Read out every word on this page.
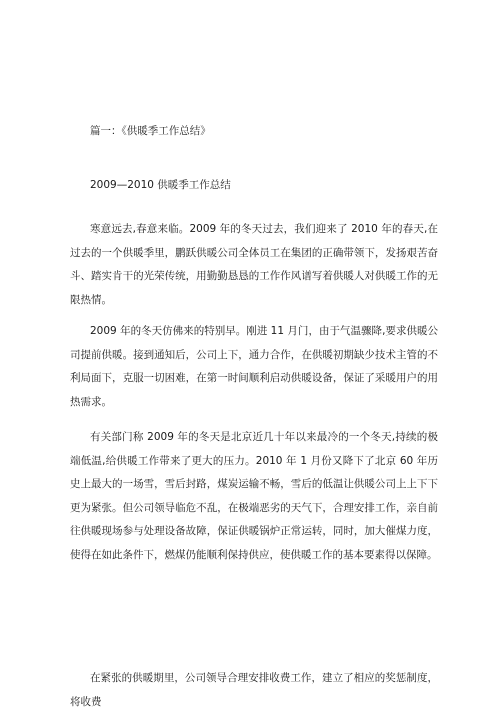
篇一：《供暖季工作总结》
2009—2010 供暖季工作总结

寒意远去,春意来临。2009 年的冬天过去，我们迎来了 2010 年的春天,在过去的一个供暖季里，鹏跃供暖公司全体员工在集团的正确带领下，发扬艰苦奋斗、踏实肯干的光荣传统，用勤勤恳恳的工作作风谱写着供暖人对供暖工作的无限热情。

2009 年的冬天仿佛来的特别早。刚进 11 月门，由于气温骤降,要求供暖公司提前供暖。接到通知后，公司上下，通力合作，在供暖初期缺少技术主管的不利局面下，克服一切困难，在第一时间顺利启动供暖设备，保证了采暖用户的用热需求。

有关部门称 2009 年的冬天是北京近几十年以来最冷的一个冬天,持续的极端低温,给供暖工作带来了更大的压力。2010 年 1 月份又降下了北京 60 年历史上最大的一场雪，雪后封路，煤炭运输不畅，雪后的低温让供暖公司上上下下更为紧张。但公司领导临危不乱，在极端恶劣的天气下，合理安排工作，亲自前往供暖现场参与处理设备故障，保证供暖锅炉正常运转，同时，加大催煤力度，使得在如此条件下，燃煤仍能顺利保持供应，使供暖工作的基本要素得以保障。

在紧张的供暖期里，公司领导合理安排收费工作，建立了相应的奖惩制度，将收费
